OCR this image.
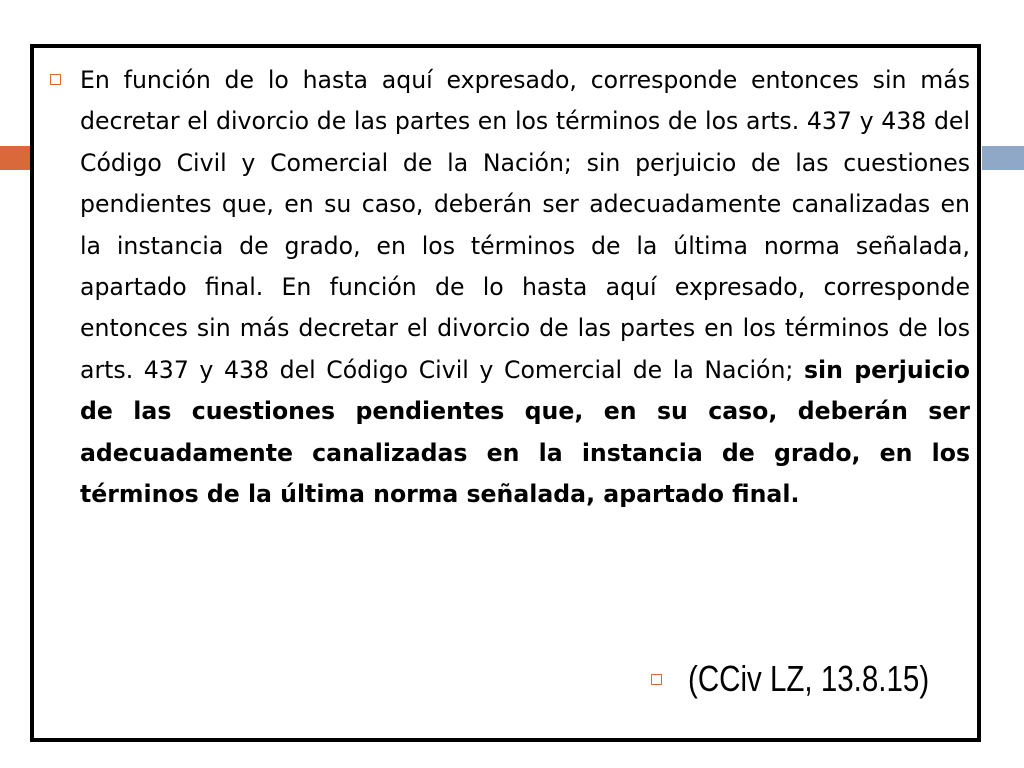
En función de lo hasta aquí expresado, corresponde entonces sin más decretar el divorcio de las partes en los términos de los arts. 437 y 438 del Código Civil y Comercial de la Nación; sin perjuicio de las cuestiones pendientes que, en su caso, deberán ser adecuadamente canalizadas en la instancia de grado, en los términos de la última norma señalada, apartado final. En función de lo hasta aquí expresado, corresponde entonces sin más decretar el divorcio de las partes en los términos de los arts. 437 y 438 del Código Civil y Comercial de la Nación; sin perjuicio de las cuestiones pendientes que, en su caso, deberán ser adecuadamente canalizadas en la instancia de grado, en los términos de la última norma señalada, apartado final.
(CCiv LZ, 13.8.15)
